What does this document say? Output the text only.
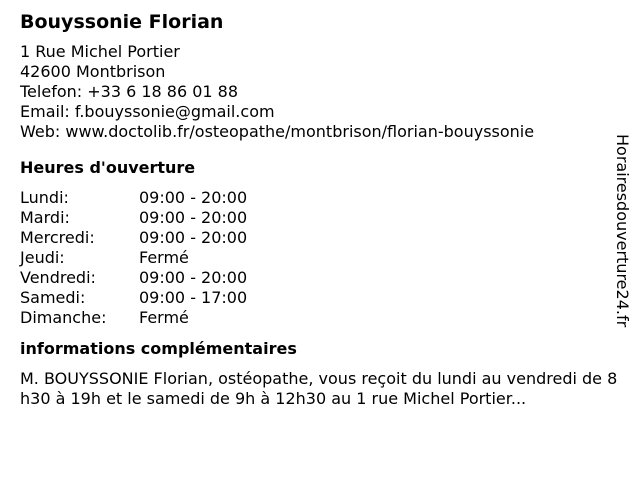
Bouyssonie Florian
1 Rue Michel Portier
42600 Montbrison
Telefon: +33 6 18 86 01 88
Email: f.bouyssonie@gmail.com
Web: www.doctolib.fr/osteopathe/montbrison/florian-bouyssonie
Heures d'ouverture
Lundi:	09:00 - 20:00
Mardi:	09:00 - 20:00
Mercredi:	09:00 - 20:00
Jeudi:	Fermé
Vendredi:	09:00 - 20:00
Samedi:	09:00 - 17:00
Dimanche:	Fermé
informations complémentaires
M. BOUYSSONIE Florian, ostéopathe, vous reçoit du lundi au vendredi de 8h30 à 19h et le samedi de 9h à 12h30 au 1 rue Michel Portier...
Horairesdouverture24.fr
